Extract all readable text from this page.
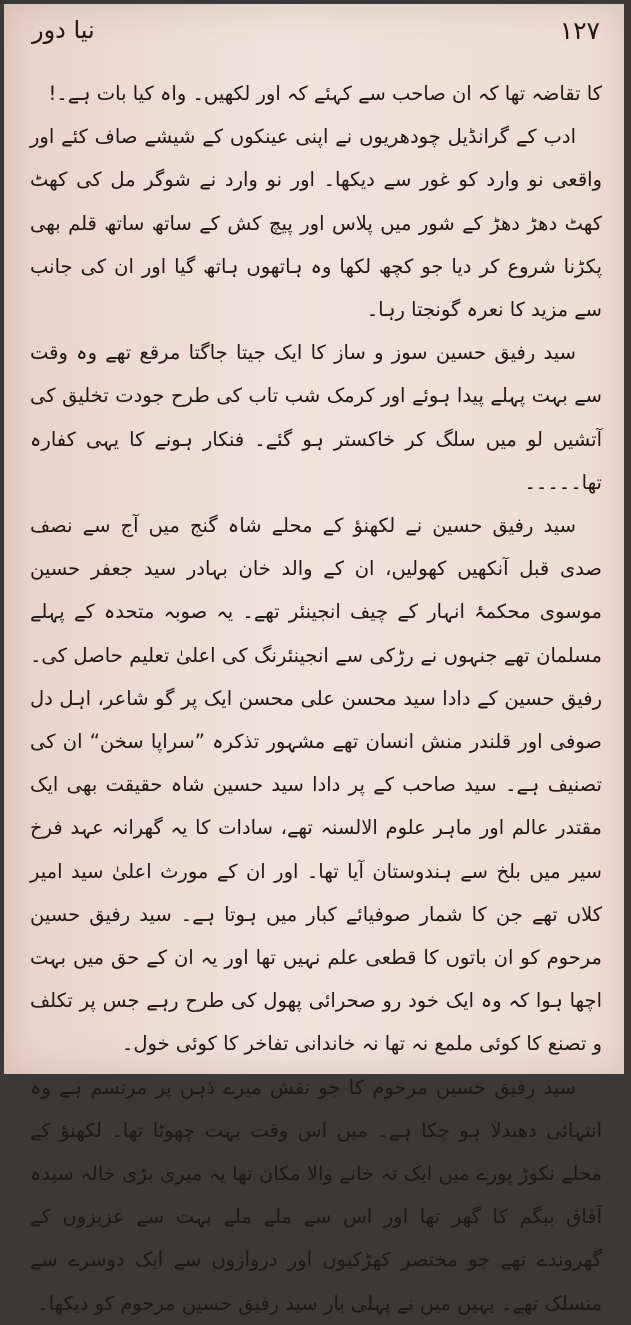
۱۲۷
نیا دور

کا تقاضہ تھا کہ ان صاحب سے کہئے کہ اور لکھیں۔ واہ کیا بات ہے۔!

ادب کے گرانڈیل چودھریوں نے اپنی عینکوں کے شیشے صاف کئے اور واقعی نو وارد کو غور سے دیکھا۔ اور نو وارد نے شوگر مل کی کھٹ کھٹ دھڑ دھڑ کے شور میں پلاس اور پیچ کش کے ساتھ ساتھ قلم بھی پکڑنا شروع کر دیا جو کچھ لکھا وہ ہاتھوں ہاتھ گیا اور ان کی جانب سے مزید کا نعرہ گونجتا رہا۔

سید رفیق حسین سوز و ساز کا ایک جیتا جاگتا مرقع تھے وہ وقت سے بہت پہلے پیدا ہوئے اور کرمک شب تاب کی طرح جودت تخلیق کی آتشیں لو میں سلگ کر خاکستر ہو گئے۔ فنکار ہونے کا یہی کفارہ تھا۔۔۔۔۔

سید رفیق حسین نے لکھنؤ کے محلے شاہ گنج میں آج سے نصف صدی قبل آنکھیں کھولیں، ان کے والد خان بہادر سید جعفر حسین موسوی محکمۂ انہار کے چیف انجینئر تھے۔ یہ صوبہ متحدہ کے پہلے مسلمان تھے جنہوں نے رڑکی سے انجینئرنگ کی اعلیٰ تعلیم حاصل کی۔ رفیق حسین کے دادا سید محسن علی محسن ایک پر گو شاعر، اہل دل صوفی اور قلندر منش انسان تھے مشہور تذکرہ ”سراپا سخن“ ان کی تصنیف ہے۔ سید صاحب کے پر دادا سید حسین شاہ حقیقت بھی ایک مقتدر عالم اور ماہر علوم الالسنہ تھے، سادات کا یہ گھرانہ عہد فرخ سیر میں بلخ سے ہندوستان آیا تھا۔ اور ان کے مورث اعلیٰ سید امیر کلاں تھے جن کا شمار صوفیائے کبار میں ہوتا ہے۔ سید رفیق حسین مرحوم کو ان باتوں کا قطعی علم نہیں تھا اور یہ ان کے حق میں بہت اچھا ہوا کہ وہ ایک خود رو صحرائی پھول کی طرح رہے جس پر تکلف و تصنع کا کوئی ملمع نہ تھا نہ خاندانی تفاخر کا کوئی خول۔

سید رفیق حسین مرحوم کا جو نقش میرے ذہن پر مرتسم ہے وہ انتہائی دھندلا ہو چکا ہے۔ میں اس وقت بہت چھوٹا تھا۔ لکھنؤ کے محلے نکوڑ پورے میں ایک تہ خانے والا مکان تھا یہ میری بڑی خالہ سیدہ آفاق بیگم کا گھر تھا اور اس سے ملے ملے بہت سے عزیزوں کے گھروندے تھے جو مختصر کھڑکیوں اور دروازوں سے ایک دوسرے سے منسلک تھے۔ یہیں میں نے پہلی بار سید رفیق حسین مرحوم کو دیکھا۔
